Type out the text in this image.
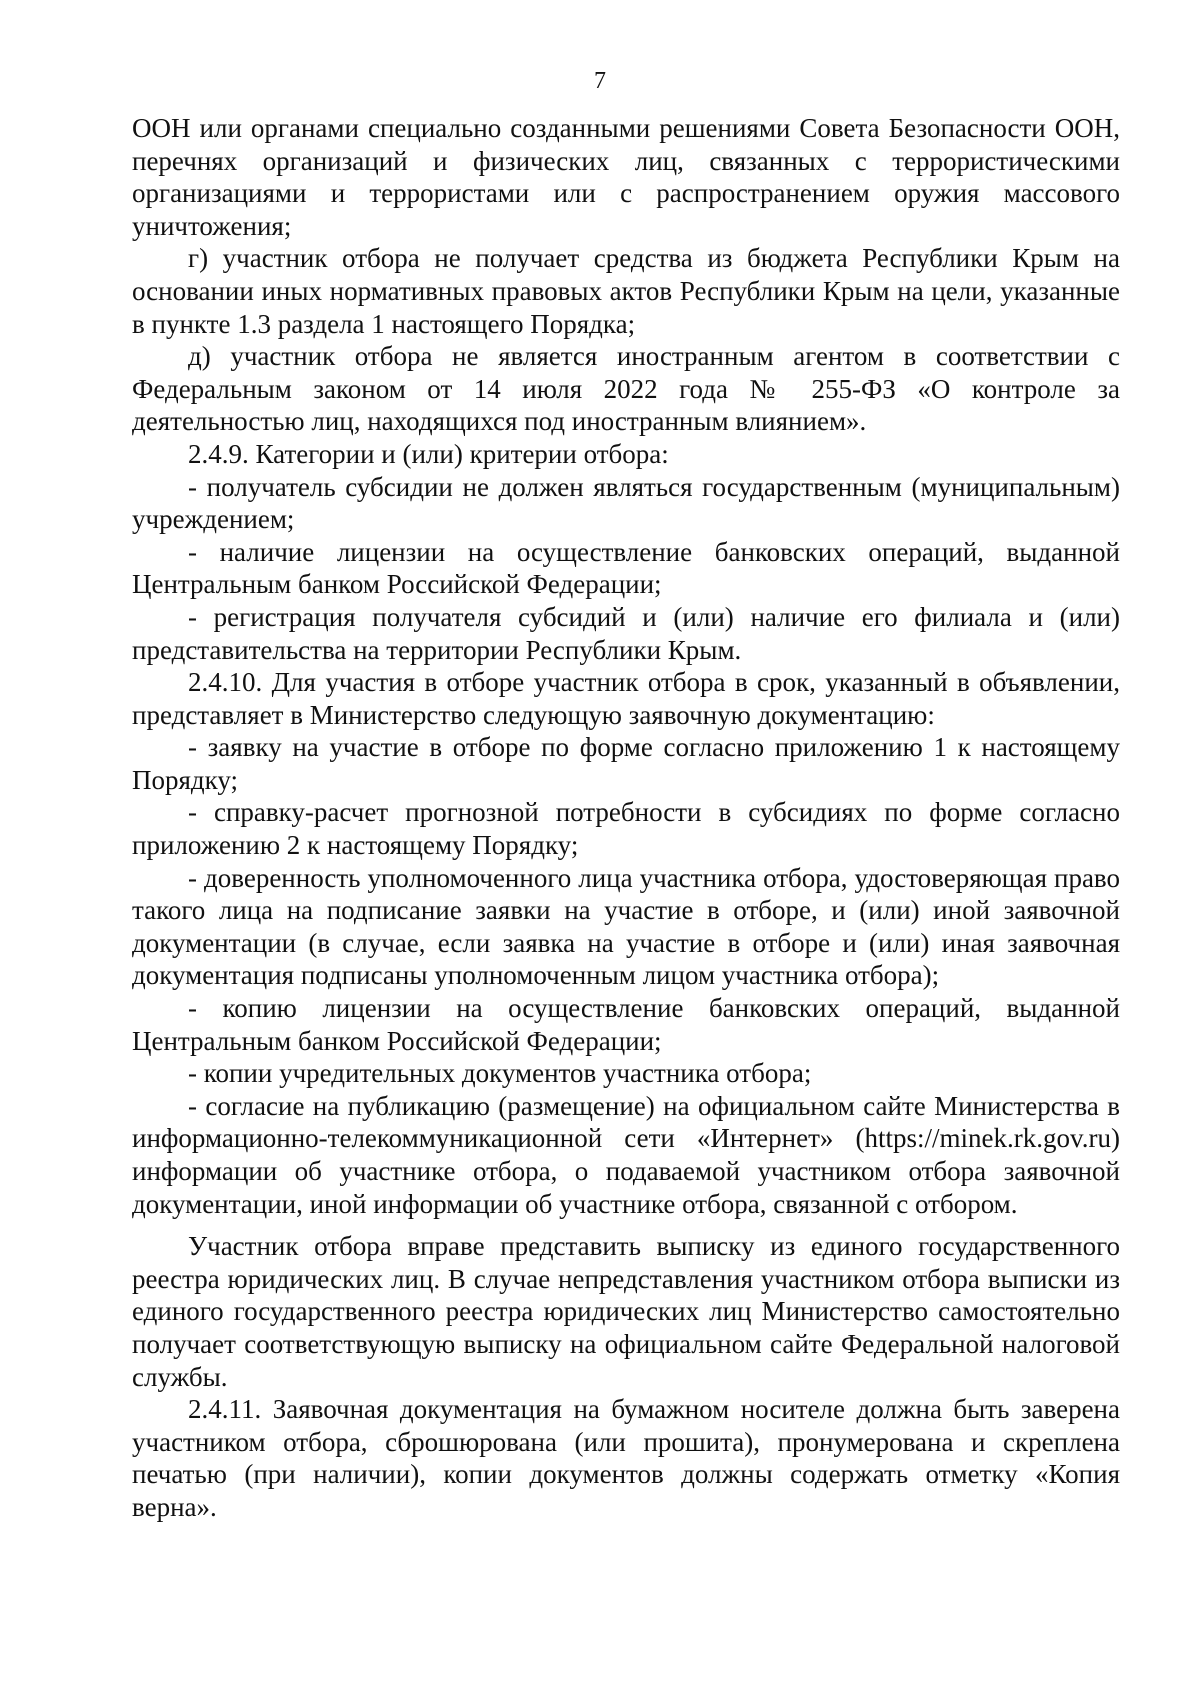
7

ООН или органами специально созданными решениями Совета Безопасности ООН, перечнях организаций и физических лиц, связанных с террористическими организациями и террористами или с распространением оружия массового уничтожения;

г) участник отбора не получает средства из бюджета Республики Крым на основании иных нормативных правовых актов Республики Крым на цели, указанные в пункте 1.3 раздела 1 настоящего Порядка;

д) участник отбора не является иностранным агентом в соответствии с Федеральным законом от 14 июля 2022 года № 255-ФЗ «О контроле за деятельностью лиц, находящихся под иностранным влиянием».

2.4.9. Категории и (или) критерии отбора:

- получатель субсидии не должен являться государственным (муниципальным) учреждением;

- наличие лицензии на осуществление банковских операций, выданной Центральным банком Российской Федерации;

- регистрация получателя субсидий и (или) наличие его филиала и (или) представительства на территории Республики Крым.

2.4.10. Для участия в отборе участник отбора в срок, указанный в объявлении, представляет в Министерство следующую заявочную документацию:

- заявку на участие в отборе по форме согласно приложению 1 к настоящему Порядку;

- справку-расчет прогнозной потребности в субсидиях по форме согласно приложению 2 к настоящему Порядку;

- доверенность уполномоченного лица участника отбора, удостоверяющая право такого лица на подписание заявки на участие в отборе, и (или) иной заявочной документации (в случае, если заявка на участие в отборе и (или) иная заявочная документация подписаны уполномоченным лицом участника отбора);

- копию лицензии на осуществление банковских операций, выданной Центральным банком Российской Федерации;

- копии учредительных документов участника отбора;

- согласие на публикацию (размещение) на официальном сайте Министерства в информационно-телекоммуникационной сети «Интернет» (https://minek.rk.gov.ru) информации об участнике отбора, о подаваемой участником отбора заявочной документации, иной информации об участнике отбора, связанной с отбором.

Участник отбора вправе представить выписку из единого государственного реестра юридических лиц. В случае непредставления участником отбора выписки из единого государственного реестра юридических лиц Министерство самостоятельно получает соответствующую выписку на официальном сайте Федеральной налоговой службы.

2.4.11. Заявочная документация на бумажном носителе должна быть заверена участником отбора, сброшюрована (или прошита), пронумерована и скреплена печатью (при наличии), копии документов должны содержать отметку «Копия верна».
